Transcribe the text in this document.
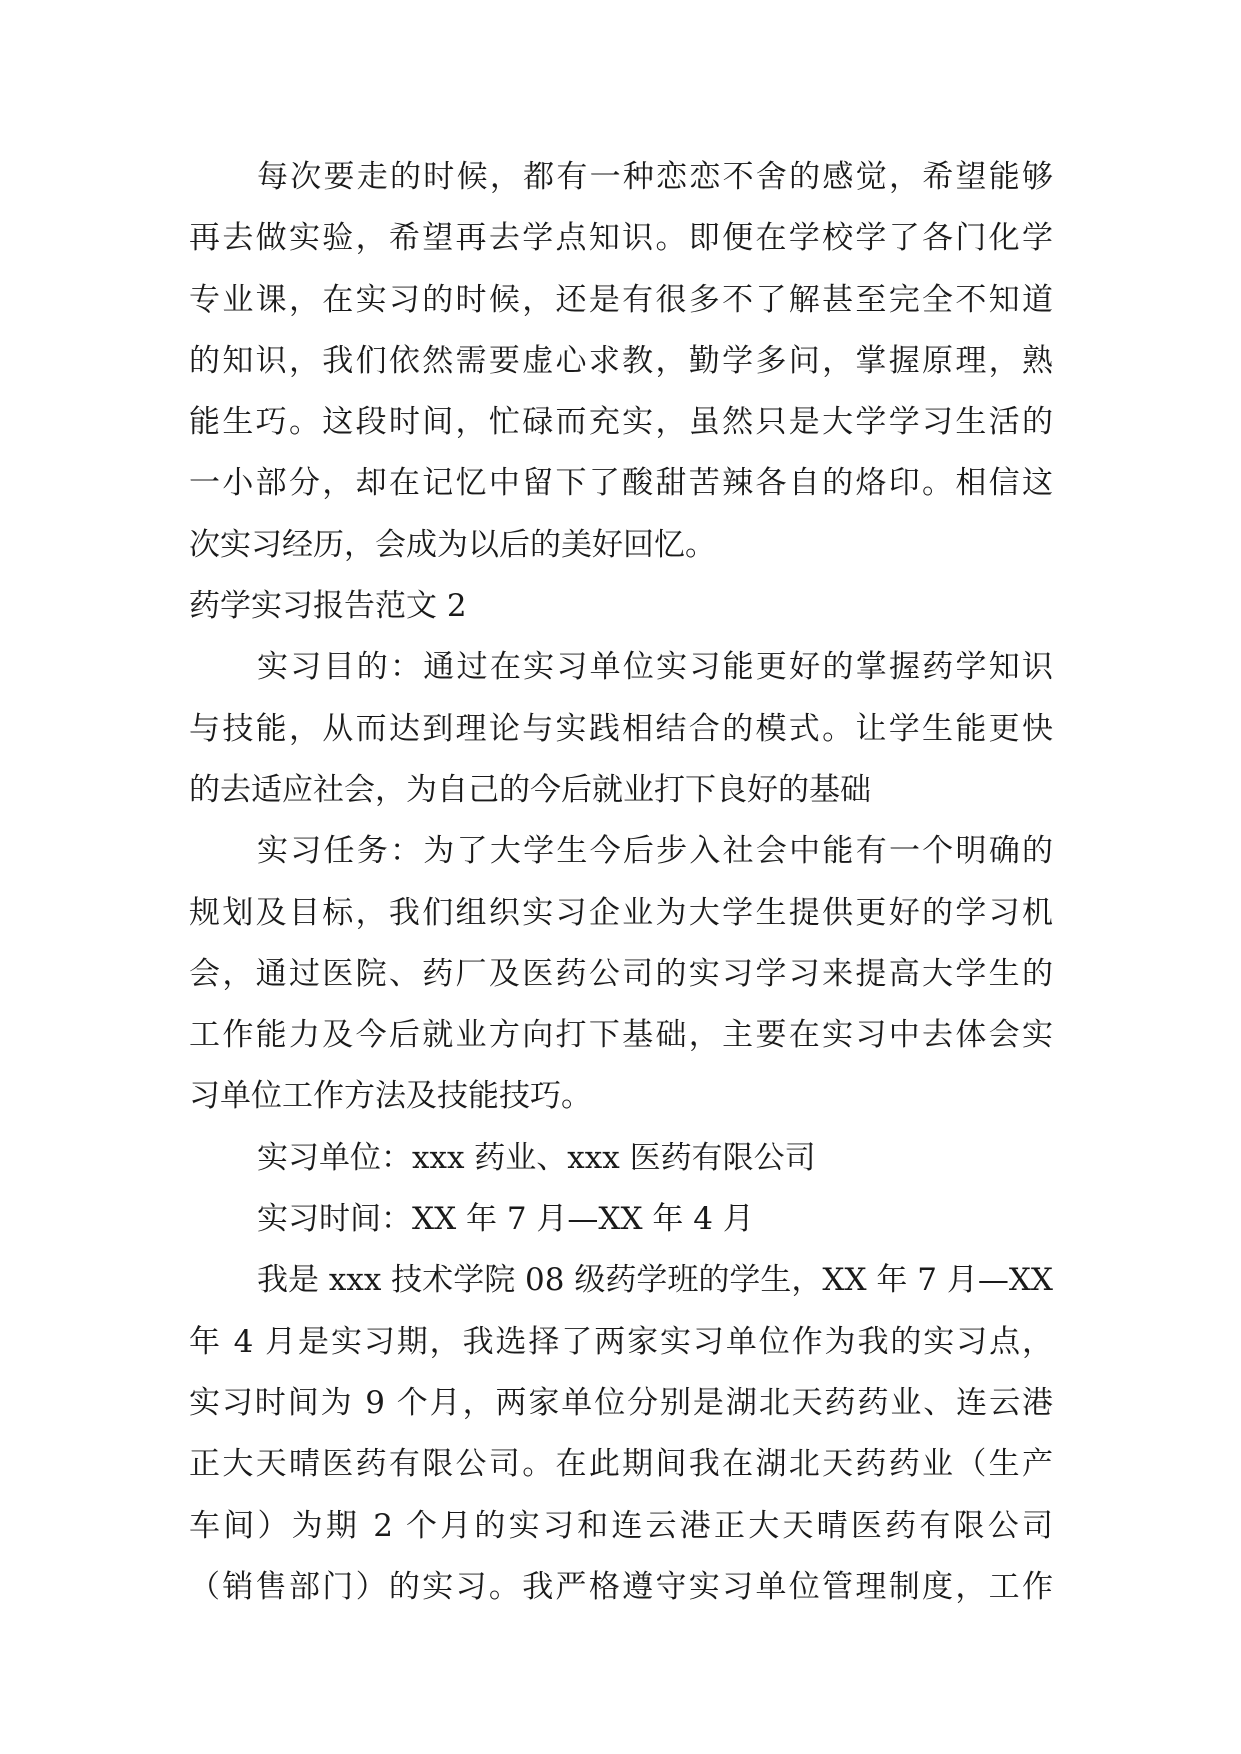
每次要走的时候，都有一种恋恋不舍的感觉，希望能够
再去做实验，希望再去学点知识。即便在学校学了各门化学
专业课，在实习的时候，还是有很多不了解甚至完全不知道
的知识，我们依然需要虚心求教，勤学多问，掌握原理，熟
能生巧。这段时间，忙碌而充实，虽然只是大学学习生活的
一小部分，却在记忆中留下了酸甜苦辣各自的烙印。相信这
次实习经历，会成为以后的美好回忆。
药学实习报告范文 2
实习目的：通过在实习单位实习能更好的掌握药学知识
与技能，从而达到理论与实践相结合的模式。让学生能更快
的去适应社会，为自己的今后就业打下良好的基础
实习任务：为了大学生今后步入社会中能有一个明确的
规划及目标，我们组织实习企业为大学生提供更好的学习机
会，通过医院、药厂及医药公司的实习学习来提高大学生的
工作能力及今后就业方向打下基础，主要在实习中去体会实
习单位工作方法及技能技巧。
实习单位：xxx 药业、xxx 医药有限公司
实习时间：XX 年 7 月—XX 年 4 月
我是 xxx 技术学院 08 级药学班的学生，XX 年 7 月—XX
年 4 月是实习期，我选择了两家实习单位作为我的实习点，
实习时间为 9 个月，两家单位分别是湖北天药药业、连云港
正大天晴医药有限公司。在此期间我在湖北天药药业（生产
车间）为期 2 个月的实习和连云港正大天晴医药有限公司
（销售部门）的实习。我严格遵守实习单位管理制度，工作
